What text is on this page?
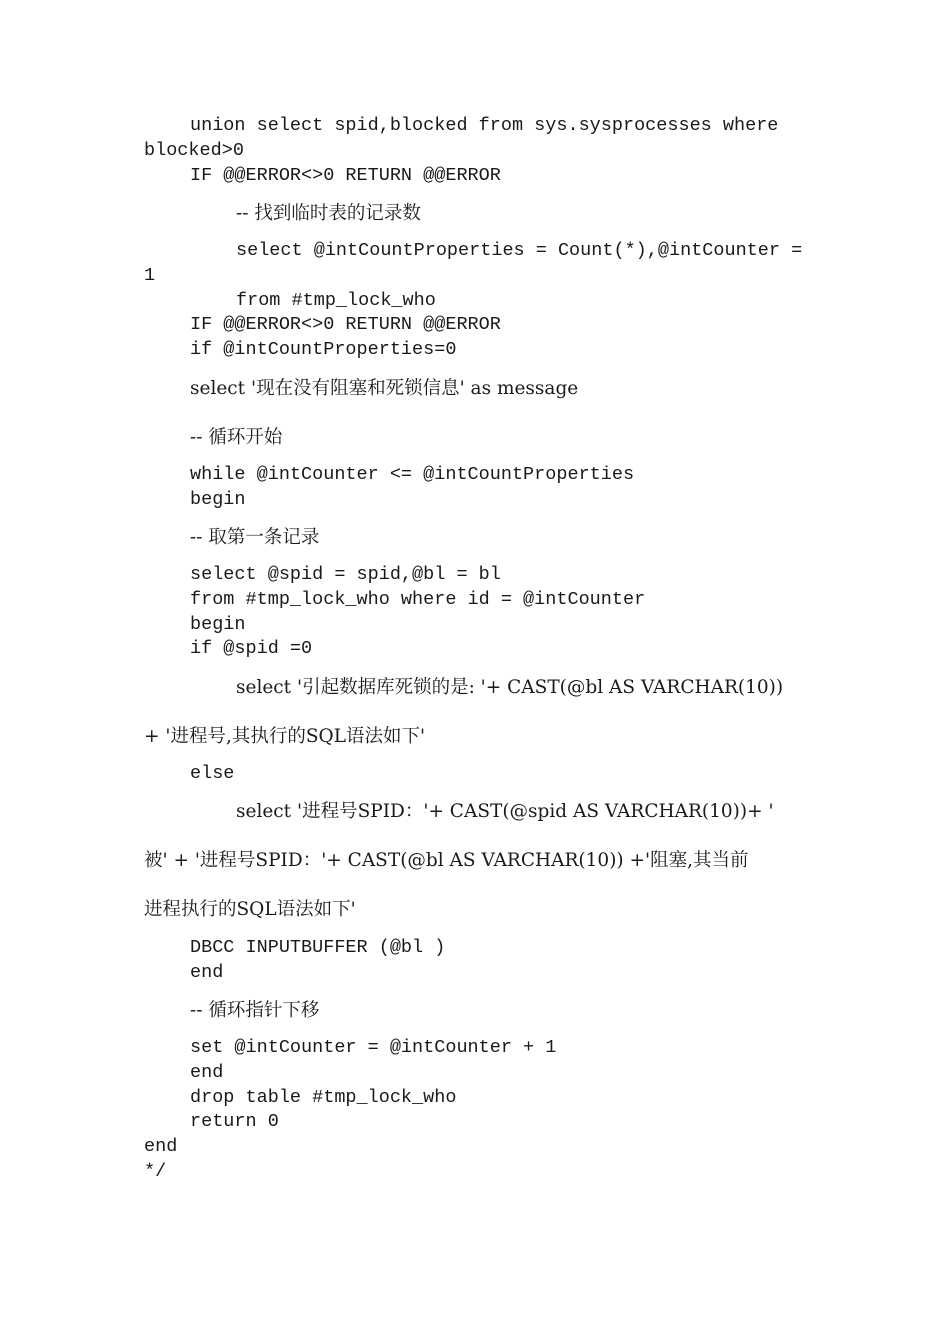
union select spid,blocked from sys.sysprocesses where
blocked>0
IF @@ERROR<>0 RETURN @@ERROR
-- 找到临时表的记录数
select @intCountProperties = Count(*),@intCounter =
1
from #tmp_lock_who
IF @@ERROR<>0 RETURN @@ERROR
if @intCountProperties=0
select '现在没有阻塞和死锁信息' as message
-- 循环开始
while @intCounter <= @intCountProperties
begin
-- 取第一条记录
select @spid = spid,@bl = bl
from #tmp_lock_who where id = @intCounter
begin
if @spid =0
select '引起数据库死锁的是: '+ CAST(@bl AS VARCHAR(10))
+ '进程号,其执行的SQL语法如下'
else
select '进程号SPID：'+ CAST(@spid AS VARCHAR(10))+ '
被' + '进程号SPID：'+ CAST(@bl AS VARCHAR(10)) +'阻塞,其当前
进程执行的SQL语法如下'
DBCC INPUTBUFFER (@bl )
end
-- 循环指针下移
set @intCounter = @intCounter + 1
end
drop table #tmp_lock_who
return 0
end
*/
